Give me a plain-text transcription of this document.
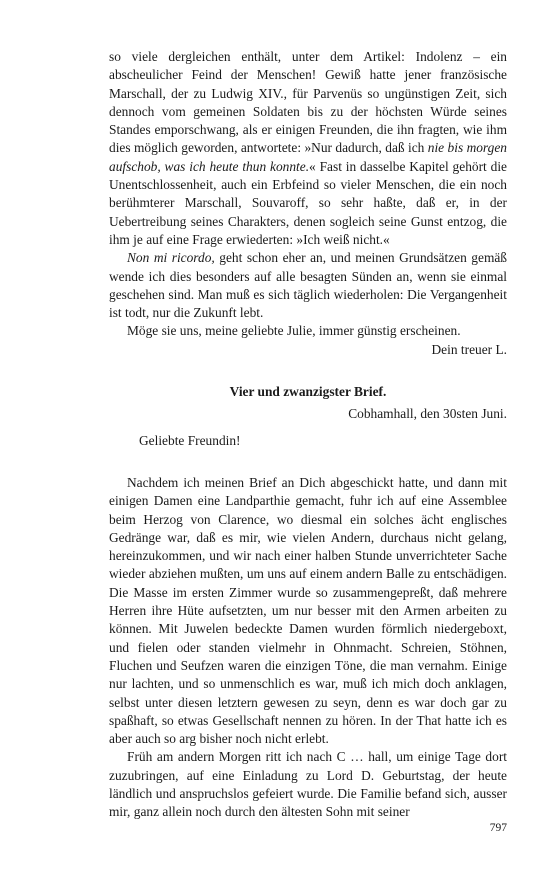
so viele dergleichen enthält, unter dem Artikel: Indolenz – ein abscheulicher Feind der Menschen! Gewiß hatte jener französische Marschall, der zu Ludwig XIV., für Parvenüs so ungünstigen Zeit, sich dennoch vom gemeinen Soldaten bis zu der höchsten Würde seines Standes emporschwang, als er einigen Freunden, die ihn fragten, wie ihm dies möglich geworden, antwortete: »Nur dadurch, daß ich nie bis morgen aufschob, was ich heute thun konnte.« Fast in dasselbe Kapitel gehört die Unentschlossenheit, auch ein Erbfeind so vieler Menschen, die ein noch berühmterer Marschall, Souvaroff, so sehr haßte, daß er, in der Uebertreibung seines Charakters, denen sogleich seine Gunst entzog, die ihm je auf eine Frage erwiederten: »Ich weiß nicht.«

Non mi ricordo, geht schon eher an, und meinen Grundsätzen gemäß wende ich dies besonders auf alle besagten Sünden an, wenn sie einmal geschehen sind. Man muß es sich täglich wiederholen: Die Vergangenheit ist todt, nur die Zukunft lebt.

Möge sie uns, meine geliebte Julie, immer günstig erscheinen.

Dein treuer L.

Vier und zwanzigster Brief.

Cobhamhall, den 30sten Juni.

Geliebte Freundin!

Nachdem ich meinen Brief an Dich abgeschickt hatte, und dann mit einigen Damen eine Landparthie gemacht, fuhr ich auf eine Assemblee beim Herzog von Clarence, wo diesmal ein solches ächt englisches Gedränge war, daß es mir, wie vielen Andern, durchaus nicht gelang, hereinzukommen, und wir nach einer halben Stunde unverrichteter Sache wieder abziehen mußten, um uns auf einem andern Balle zu entschädigen. Die Masse im ersten Zimmer wurde so zusammengepreßt, daß mehrere Herren ihre Hüte aufsetzten, um nur besser mit den Armen arbeiten zu können. Mit Juwelen bedeckte Damen wurden förmlich niedergeboxt, und fielen oder standen vielmehr in Ohnmacht. Schreien, Stöhnen, Fluchen und Seufzen waren die einzigen Töne, die man vernahm. Einige nur lachten, und so unmenschlich es war, muß ich mich doch anklagen, selbst unter diesen letztern gewesen zu seyn, denn es war doch gar zu spaßhaft, so etwas Gesellschaft nennen zu hören. In der That hatte ich es aber auch so arg bisher noch nicht erlebt.

Früh am andern Morgen ritt ich nach C … hall, um einige Tage dort zuzubringen, auf eine Einladung zu Lord D. Geburtstag, der heute ländlich und anspruchslos gefeiert wurde. Die Familie befand sich, ausser mir, ganz allein noch durch den ältesten Sohn mit seiner

797
